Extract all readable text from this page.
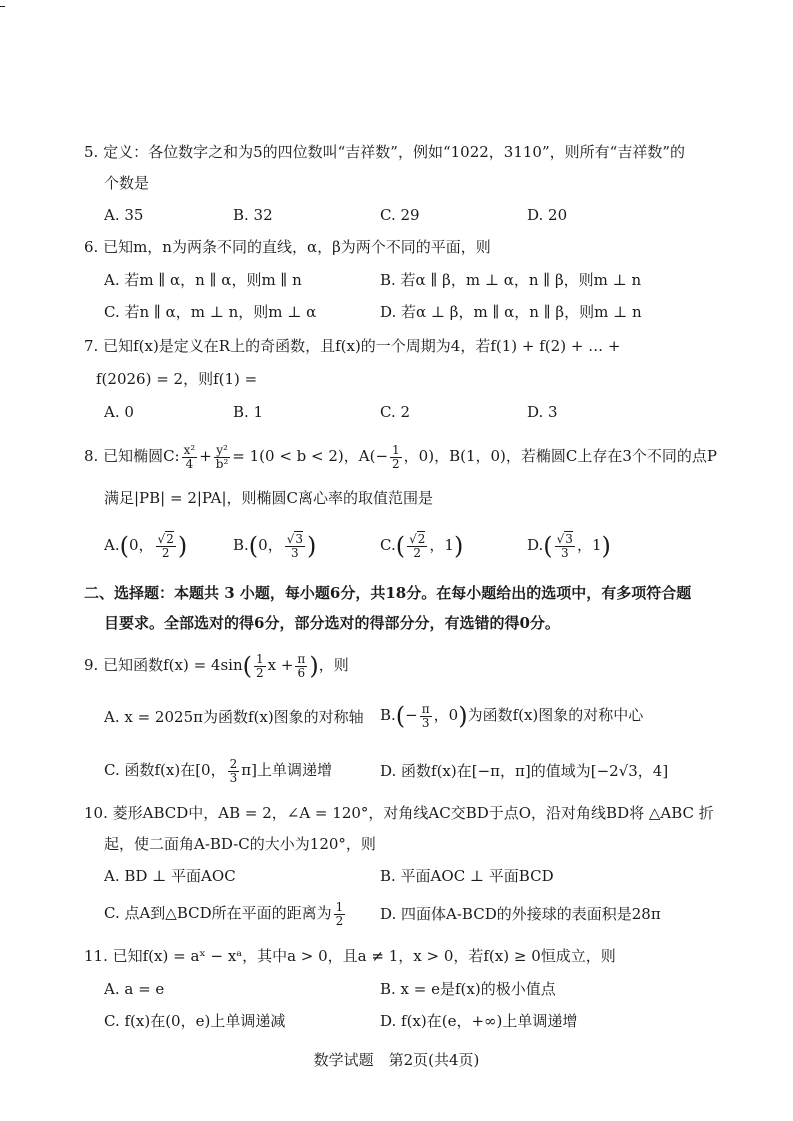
5. 定义：各位数字之和为5的四位数叫“吉祥数”，例如“1022，3110”，则所有“吉祥数”的
个数是
A. 35	B. 32	C. 29	D. 20
6. 已知m，n为两条不同的直线，α，β为两个不同的平面，则
A. 若m ∥ α，n ∥ α，则m ∥ n	B. 若α ∥ β，m ⊥ α，n ∥ β，则m ⊥ n
C. 若n ∥ α，m ⊥ n，则m ⊥ α	D. 若α ⊥ β，m ∥ α，n ∥ β，则m ⊥ n
7. 已知f(x)是定义在R上的奇函数，且f(x)的一个周期为4，若f(1) + f(2) + … +
f(2026) = 2，则f(1) =
A. 0	B. 1	C. 2	D. 3
8. 已知椭圆C: $\frac{\text{x²}}{4} + \frac{\text{y²}}{\text{b²}} = 1(0 < b < 2)$，$A(- \frac{1}{2}$ ，0)，B(1，0)，若椭圆C上存在3个不同的点P
满足|PB| = 2|PA|，则椭圆C离心率的取值范围是
A.(0， $\frac{√2}{2}$ )	B.(0， $\frac{√3}{3}$ )	$C.( \frac{√2}{2}$ ，1)	$D.( \frac{√3}{3}$ ，1)
二、选择题：本题共 3 小题，每小题6分，共18分。在每小题给出的选项中，有多项符合题
目要求。全部选对的得6分，部分选对的得部分分，有选错的得0分。
9. 已知函数$f(x) = 4\sin( \frac{1}{2}$ $x + \frac{\pi}{6}$ )，则
A. x = 2025π为函数f(x)图象的对称轴 $B.(- \frac{\pi}{3}$ ，0)为函数f(x)图象的对称中心
C. 函数f(x)在[0， $\frac{2}{3} \pi$]上单调递增	D. 函数f(x)在[−π，π]的值域为[−2√3，4]
10. 菱形ABCD中，AB = 2，∠A = 120°，对角线AC交BD于点O，沿对角线BD将 △ABC 折
起，使二面角A-BD-C的大小为120°，则
A. BD ⊥ 平面AOC	B. 平面AOC ⊥ 平面BCD
C. 点A到△BCD所在平面的距离为 $\frac{1}{2} D$. 四面体A-BCD的外接球的表面积是28π
11. 已知f(x) = aˣ − xᵃ，其中a > 0，且a ≠ 1，x > 0，若f(x) ≥ 0恒成立，则
A. a = e	B. x = e是f(x)的极小值点
C. f(x)在(0，e)上单调递减	D. f(x)在(e，+∞)上单调递增
数学试题　第2页(共4页)
